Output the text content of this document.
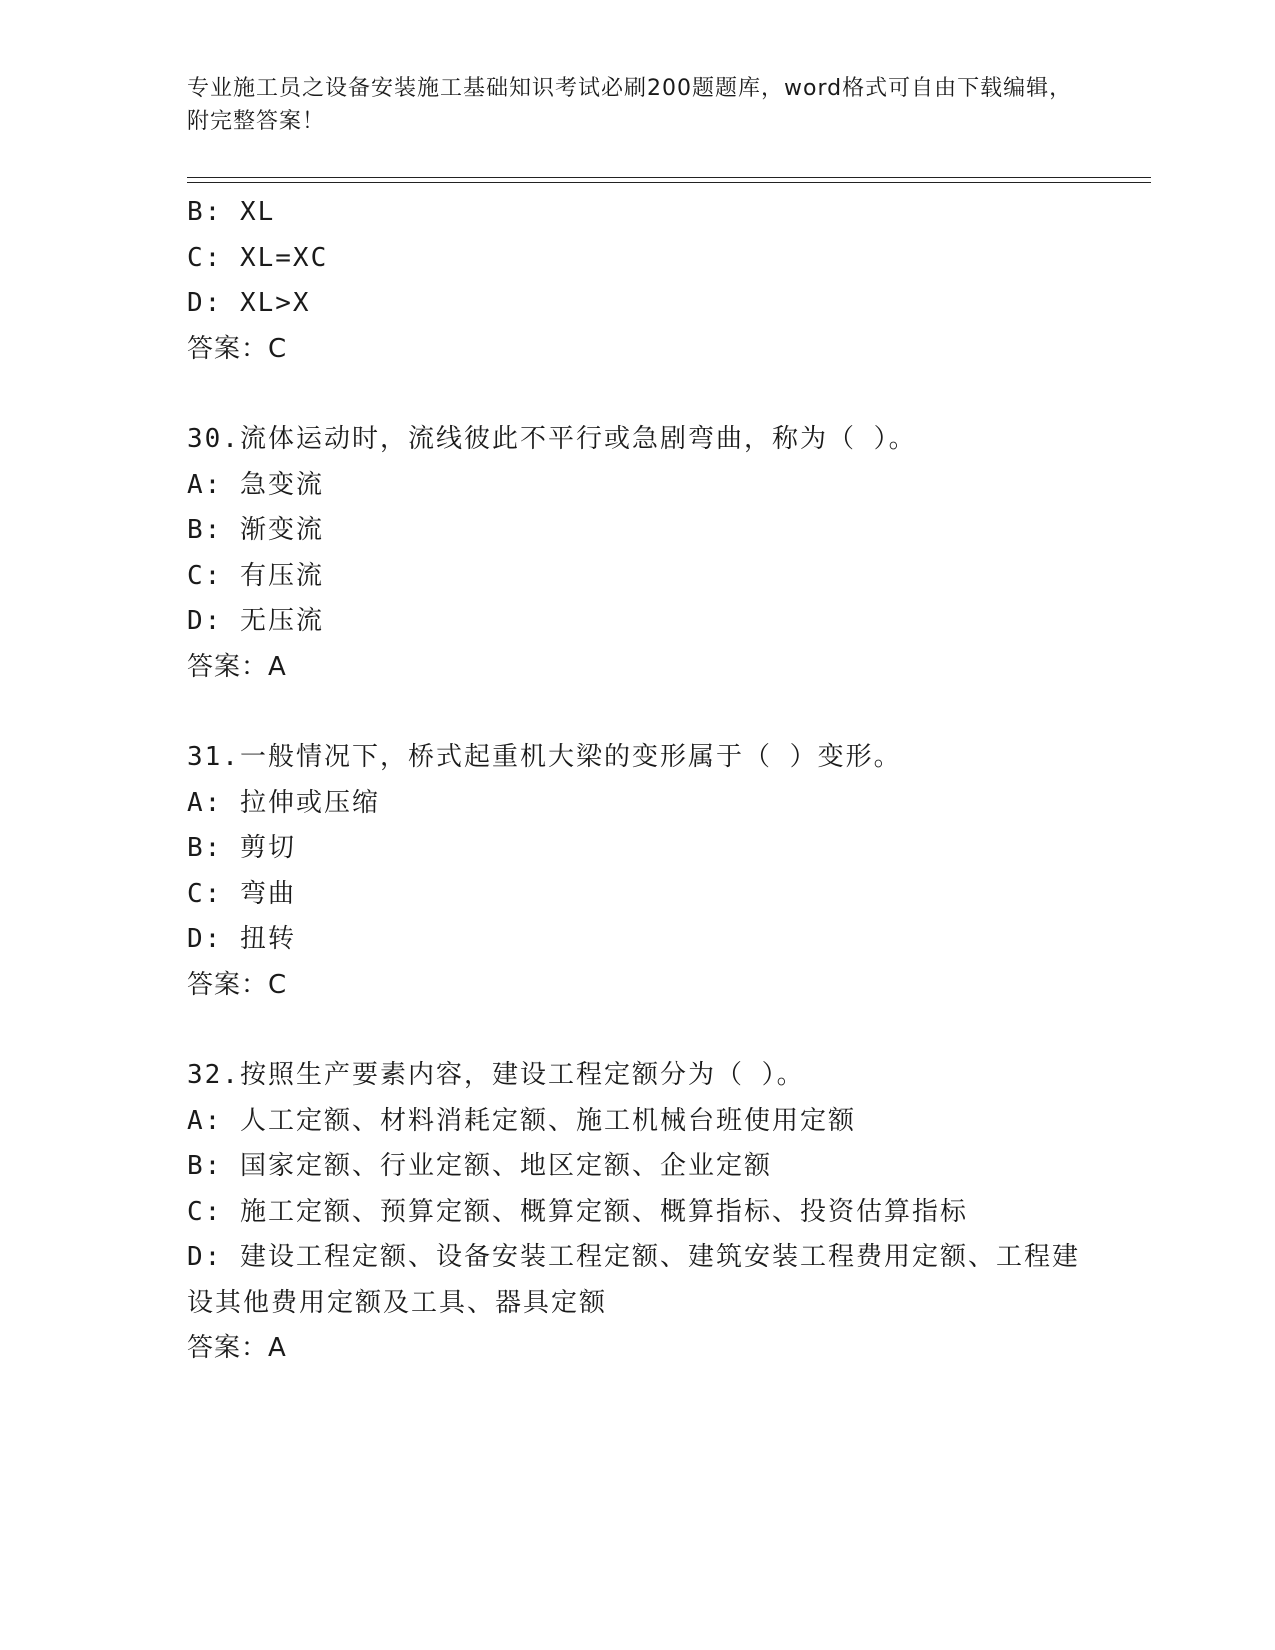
专业施工员之设备安装施工基础知识考试必刷200题题库，word格式可自由下载编辑，附完整答案！
B: XL
C: XL=XC
D: XL>X
答案：C
30.流体运动时，流线彼此不平行或急剧弯曲，称为（ ）。
A: 急变流
B: 渐变流
C: 有压流
D: 无压流
答案：A
31.一般情况下，桥式起重机大梁的变形属于（ ）变形。
A: 拉伸或压缩
B: 剪切
C: 弯曲
D: 扭转
答案：C
32.按照生产要素内容，建设工程定额分为（ ）。
A: 人工定额、材料消耗定额、施工机械台班使用定额
B: 国家定额、行业定额、地区定额、企业定额
C: 施工定额、预算定额、概算定额、概算指标、投资估算指标
D: 建设工程定额、设备安装工程定额、建筑安装工程费用定额、工程建设其他费用定额及工具、器具定额
答案：A
